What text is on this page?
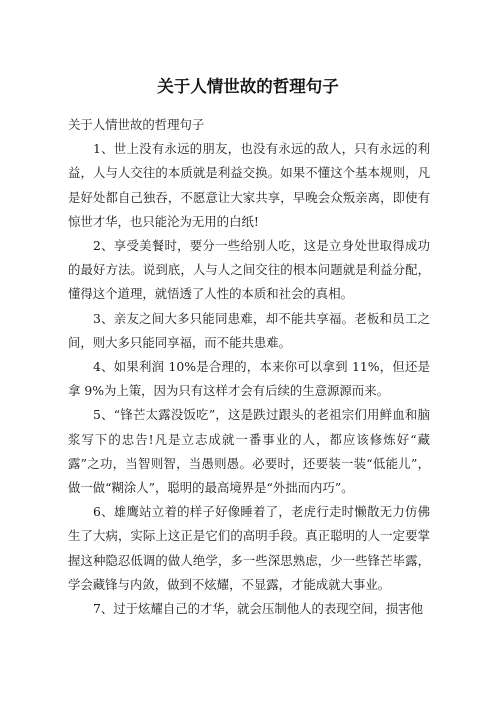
关于人情世故的哲理句子

关于人情世故的哲理句子

1、世上没有永远的朋友，也没有永远的敌人，只有永远的利益，人与人交往的本质就是利益交换。如果不懂这个基本规则，凡是好处都自己独吞，不愿意让大家共享，早晚会众叛亲离，即使有惊世才华，也只能沦为无用的白纸!

2、享受美餐时，要分一些给别人吃，这是立身处世取得成功的最好方法。说到底，人与人之间交往的根本问题就是利益分配，懂得这个道理，就悟透了人性的本质和社会的真相。

3、亲友之间大多只能同患难，却不能共享福。老板和员工之间，则大多只能同享福，而不能共患难。

4、如果利润 10%是合理的，本来你可以拿到 11%，但还是拿 9%为上策，因为只有这样才会有后续的生意源源而来。

5、“锋芒太露没饭吃”，这是跌过跟头的老祖宗们用鲜血和脑浆写下的忠告!凡是立志成就一番事业的人，都应该修炼好“藏露”之功，当智则智，当愚则愚。必要时，还要装一装“低能儿”，做一做“糊涂人”，聪明的最高境界是“外拙而内巧”。

6、雄鹰站立着的样子好像睡着了，老虎行走时懒散无力仿佛生了大病，实际上这正是它们的高明手段。真正聪明的人一定要掌握这种隐忍低调的做人绝学，多一些深思熟虑，少一些锋芒毕露，学会藏锋与内敛，做到不炫耀，不显露，才能成就大事业。

7、过于炫耀自己的才华，就会压制他人的表现空间，损害他
